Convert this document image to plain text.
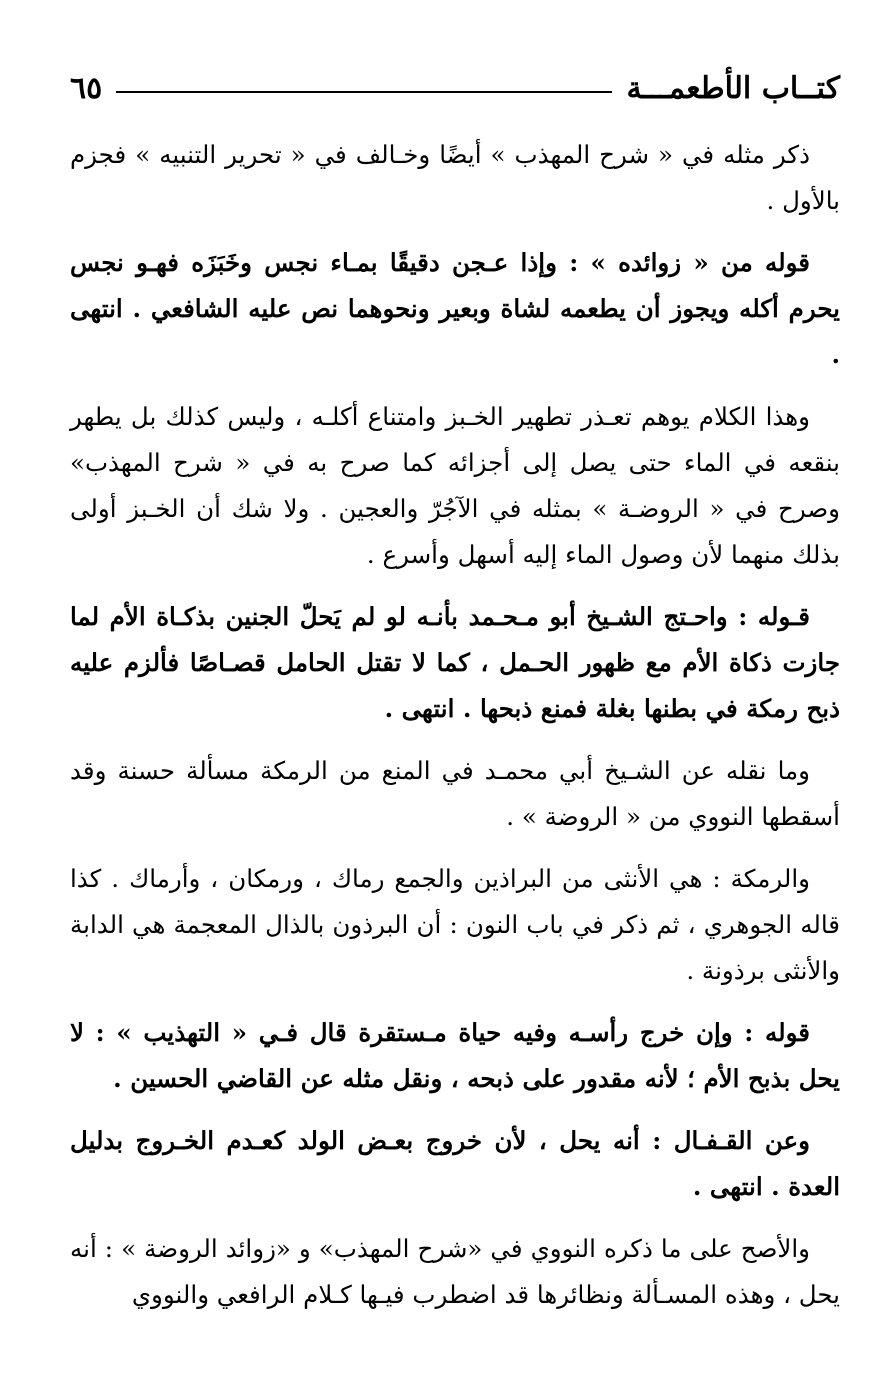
كتــاب الأطعمـــة
٦٥

ذكر مثله في « شرح المهذب » أيضًا وخـالف في « تحرير التنبيه » فجزم بالأول .

قوله من « زوائده » : وإذا عـجن دقيقًا بمـاء نجس وخَبَزَه فهـو نجس يحرم أكله ويجوز أن يطعمه لشاة وبعير ونحوهما نص عليه الشافعي . انتهى .

وهذا الكلام يوهم تعـذر تطهير الخـبز وامتناع أكلـه ، وليس كذلك بل يطهر بنقعه في الماء حتى يصل إلى أجزائه كما صرح به في « شرح المهذب» وصرح في « الروضـة » بمثله في الآجُرّ والعجين . ولا شك أن الخـبز أولى بذلك منهما لأن وصول الماء إليه أسهل وأسرع .

قـوله : واحـتج الشـيخ أبو مـحـمد بأنـه لو لم يَحلّ الجنين بذكـاة الأم لما جازت ذكاة الأم مع ظهور الحـمل ، كما لا تقتل الحامل قصـاصًا فألزم عليه ذبح رمكة في بطنها بغلة فمنع ذبحها . انتهى .

وما نقله عن الشـيخ أبي محمـد في المنع من الرمكة مسألة حسنة وقد أسقطها النووي من « الروضة » .

والرمكة : هي الأنثى من البراذين والجمع رماك ، ورمكان ، وأرماك . كذا قاله الجوهري ، ثم ذكر في باب النون : أن البرذون بالذال المعجمة هي الدابة والأنثى برذونة .

قوله : وإن خرج رأسـه وفيه حياة مـستقرة قال فـي « التهذيب » : لا يحل بذبح الأم ؛ لأنه مقدور على ذبحه ، ونقل مثله عن القاضي الحسين .

وعن القـفـال : أنه يحل ، لأن خروج بعـض الولد كعـدم الخـروج بدليل العدة . انتهى .

والأصح على ما ذكره النووي في «شرح المهذب» و «زوائد الروضة » : أنه يحل ، وهذه المسـألة ونظائرها قد اضطرب فيـها كـلام الرافعي والنووي
